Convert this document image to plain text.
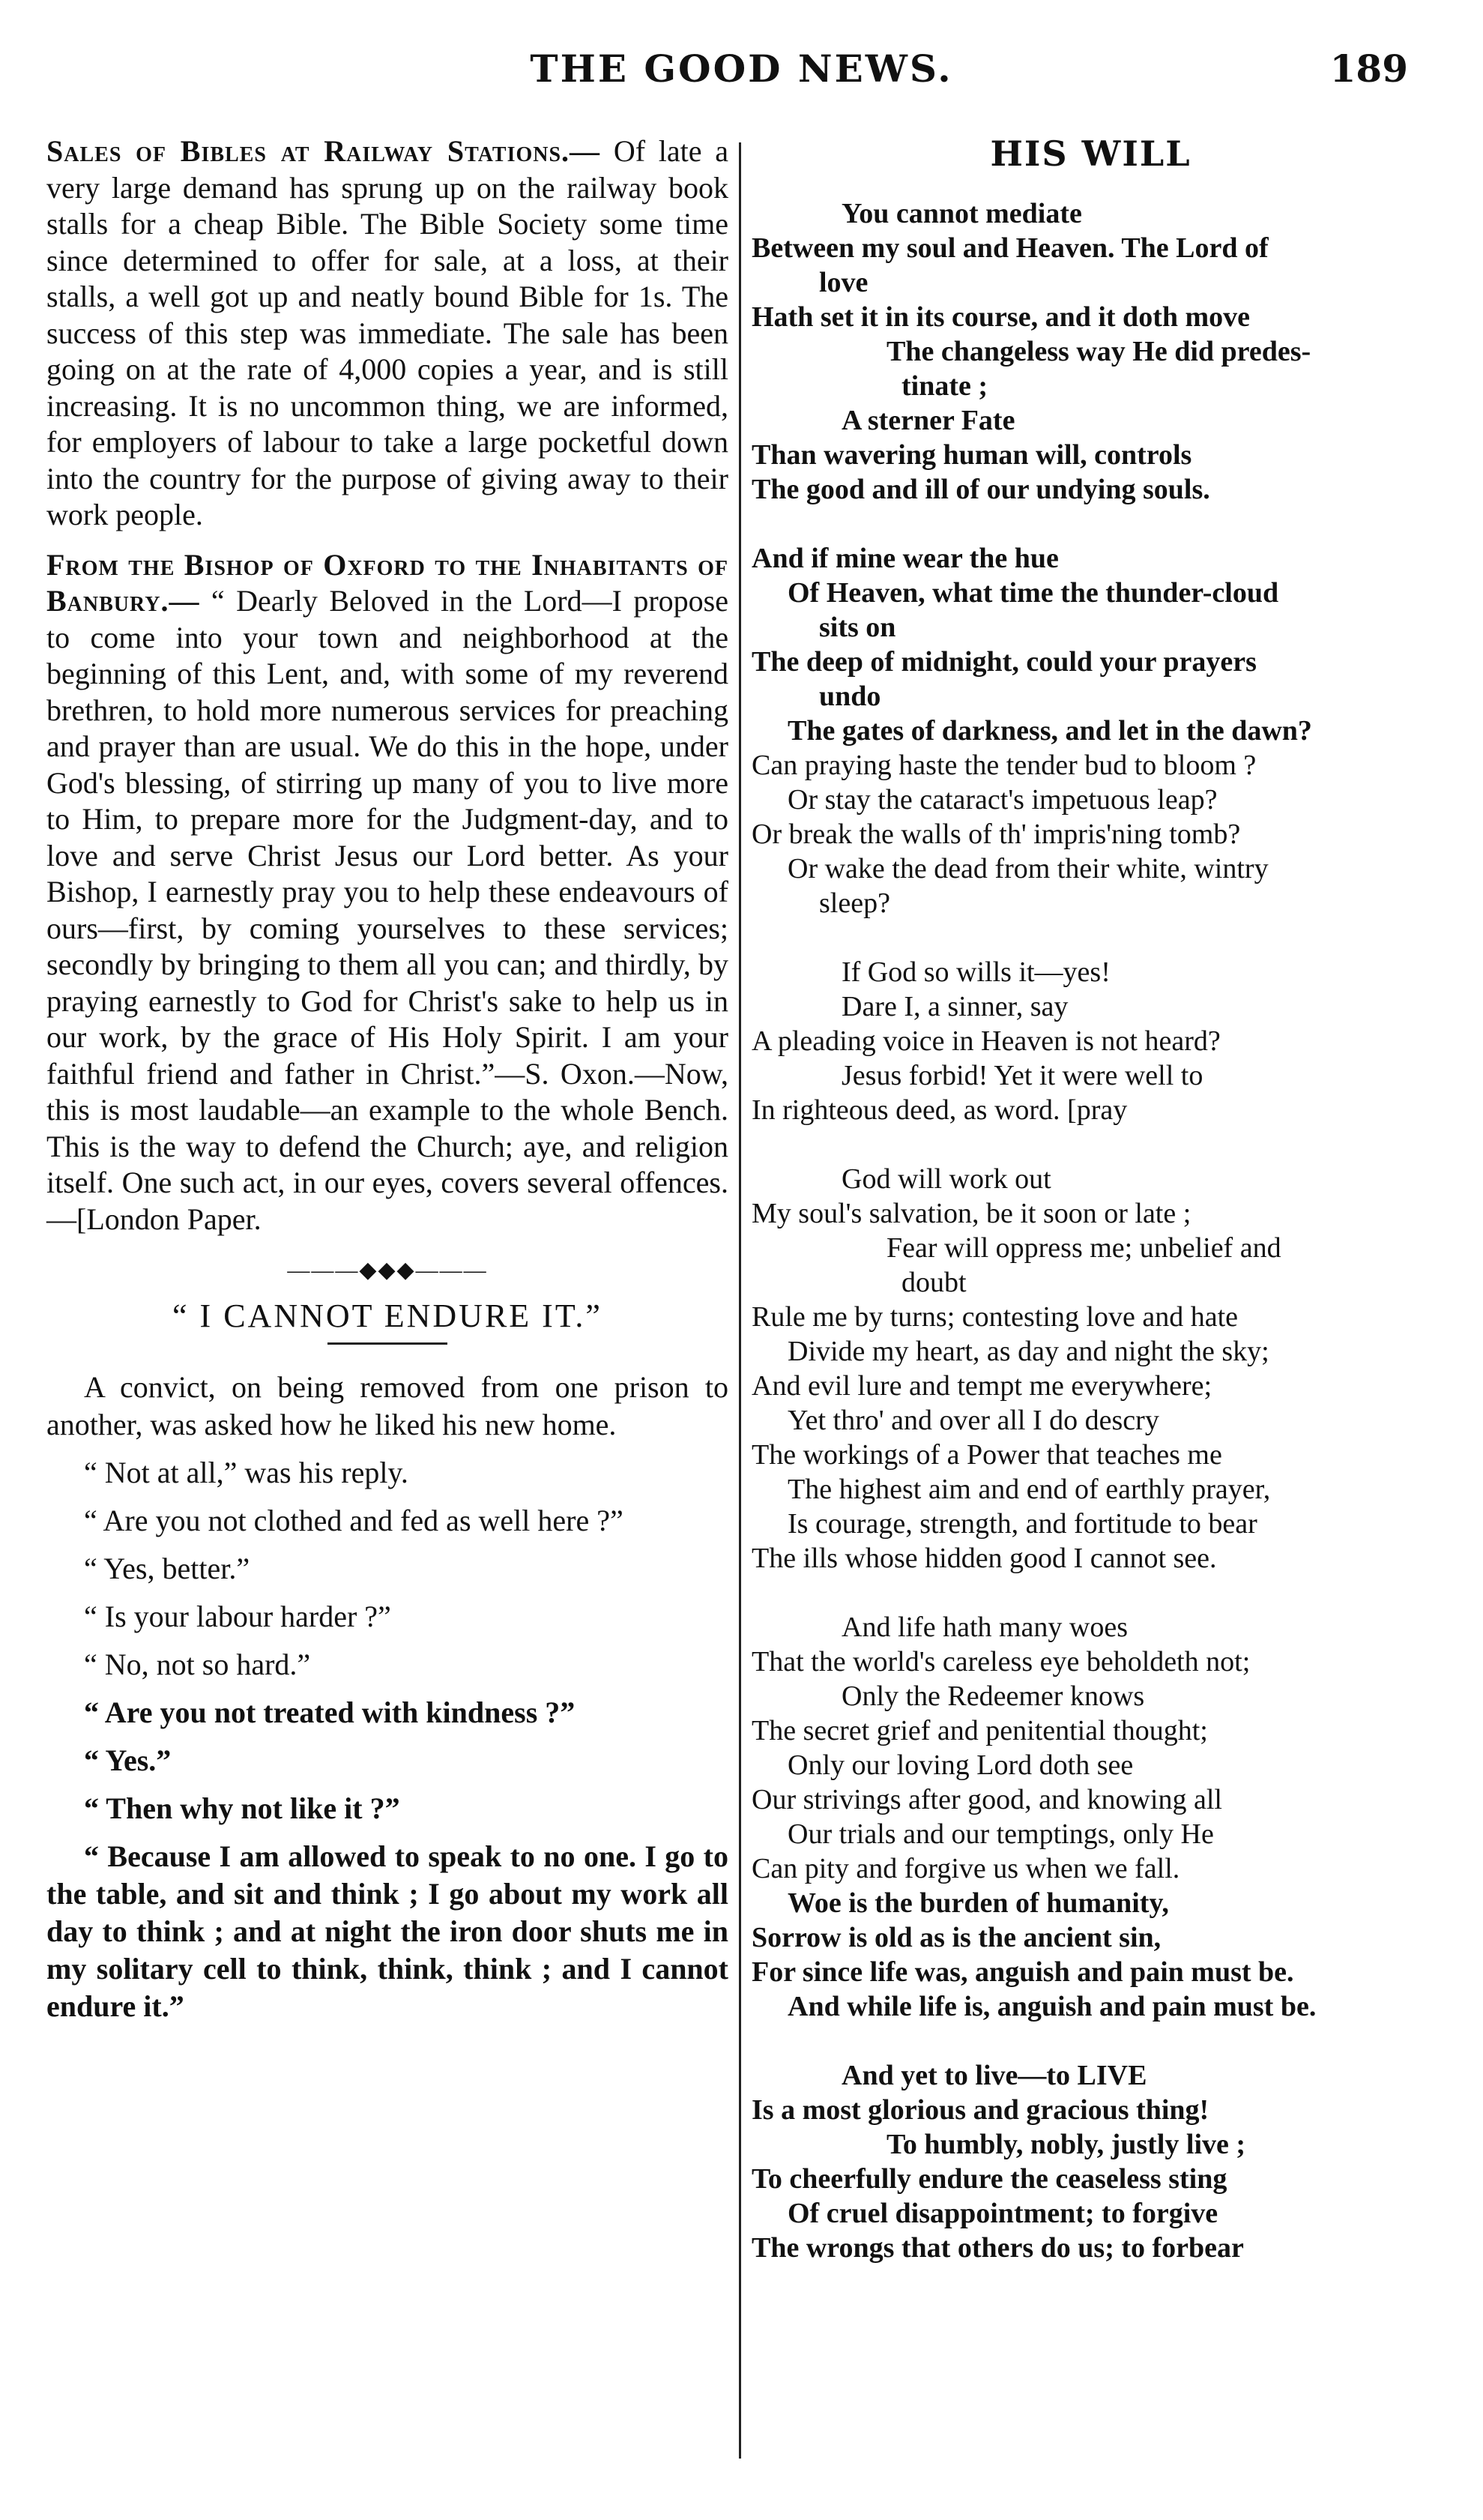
THE GOOD NEWS.	189

Sales of Bibles at Railway Stations.— Of late a very large demand has sprung up on the railway book stalls for a cheap Bible. The Bible Society some time since determined to offer for sale, at a loss, at their stalls, a well got up and neatly bound Bible for 1s. The success of this step was immediate. The sale has been going on at the rate of 4,000 copies a year, and is still increasing. It is no uncommon thing, we are informed, for employers of labour to take a large pocketful down into the country for the purpose of giving away to their work people.

From the Bishop of Oxford to the Inhabitants of Banbury.— “ Dearly Beloved in the Lord—I propose to come into your town and neighborhood at the beginning of this Lent, and, with some of my reverend brethren, to hold more numerous services for preaching and prayer than are usual. We do this in the hope, under God's blessing, of stirring up many of you to live more to Him, to prepare more for the Judgment-day, and to love and serve Christ Jesus our Lord better. As your Bishop, I earnestly pray you to help these endeavours of ours—first, by coming yourselves to these services; secondly by bringing to them all you can; and thirdly, by praying earnestly to God for Christ's sake to help us in our work, by the grace of His Holy Spirit. I am your faithful friend and father in Christ.”—S. Oxon.—Now, this is most laudable—an example to the whole Bench. This is the way to defend the Church; aye, and religion itself. One such act, in our eyes, covers several offences.—[London Paper.

———◆◆◆———
“ I CANNOT ENDURE IT.”

A convict, on being removed from one prison to another, was asked how he liked his new home.

“ Not at all,” was his reply.

“ Are you not clothed and fed as well here ?”

“ Yes, better.”

“ Is your labour harder ?”

“ No, not so hard.”

“ Are you not treated with kindness ?”

“ Yes.”

“ Then why not like it ?”

“ Because I am allowed to speak to no one. I go to the table, and sit and think ; I go about my work all day to think ; and at night the iron door shuts me in my solitary cell to think, think, think ; and I cannot endure it.”

HIS WILL

You cannot mediate

Between my soul and Heaven. The Lord of

love

Hath set it in its course, and it doth move

The changeless way He did predes-

tinate ;

A sterner Fate

Than wavering human will, controls

The good and ill of our undying souls.

And if mine wear the hue

Of Heaven, what time the thunder-cloud

sits on

The deep of midnight, could your prayers

undo

The gates of darkness, and let in the dawn?

Can praying haste the tender bud to bloom ?

Or stay the cataract's impetuous leap?

Or break the walls of th' impris'ning tomb?

Or wake the dead from their white, wintry

sleep?

If God so wills it—yes!

Dare I, a sinner, say

A pleading voice in Heaven is not heard?

Jesus forbid! Yet it were well to

In righteous deed, as word. [pray

God will work out

My soul's salvation, be it soon or late ;

Fear will oppress me; unbelief and

doubt

Rule me by turns; contesting love and hate

Divide my heart, as day and night the sky;

And evil lure and tempt me everywhere;

Yet thro' and over all I do descry

The workings of a Power that teaches me

The highest aim and end of earthly prayer,

Is courage, strength, and fortitude to bear

The ills whose hidden good I cannot see.

And life hath many woes

That the world's careless eye beholdeth not;

Only the Redeemer knows

The secret grief and penitential thought;

Only our loving Lord doth see

Our strivings after good, and knowing all

Our trials and our temptings, only He

Can pity and forgive us when we fall.

Woe is the burden of humanity,

Sorrow is old as is the ancient sin,

For since life was, anguish and pain must be.

And while life is, anguish and pain must be.

And yet to live—to LIVE

Is a most glorious and gracious thing!

To humbly, nobly, justly live ;

To cheerfully endure the ceaseless sting

Of cruel disappointment; to forgive

The wrongs that others do us; to forbear
